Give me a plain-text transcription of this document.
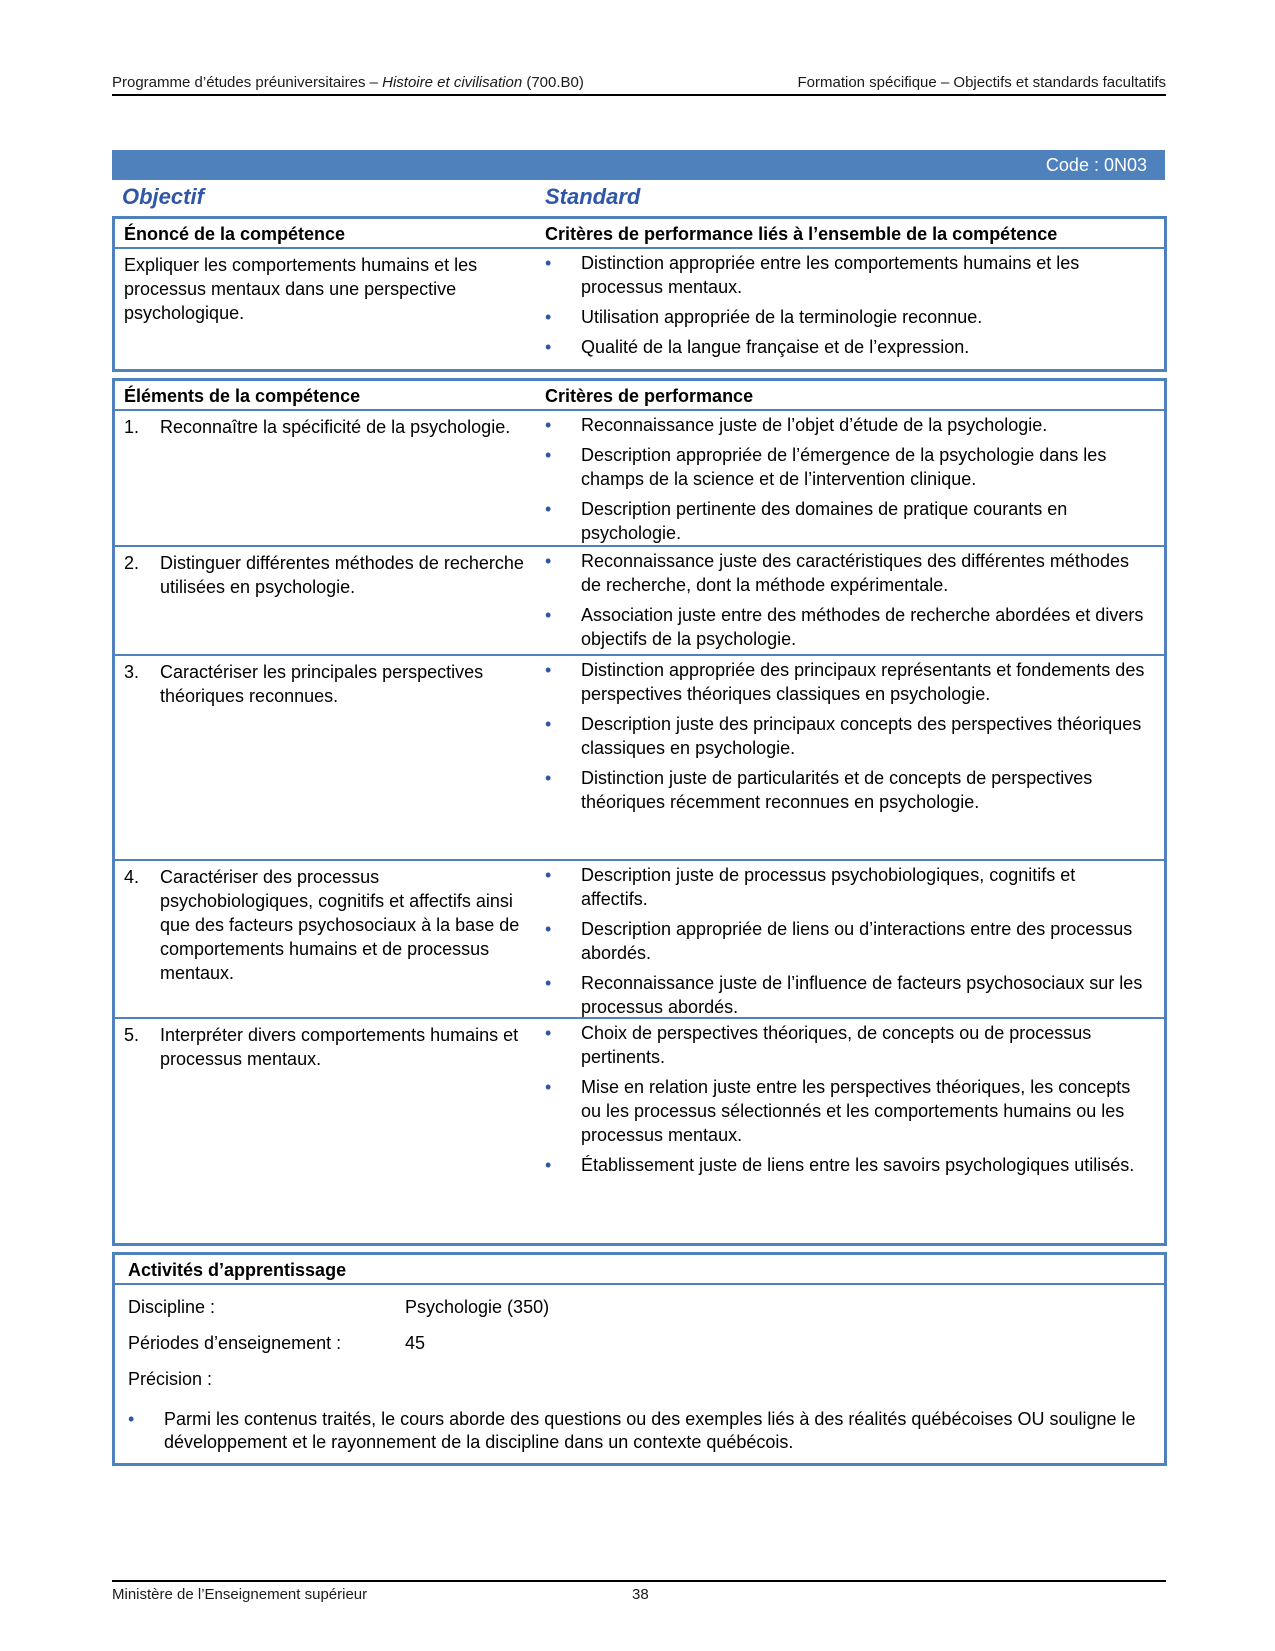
Programme d’études préuniversitaires – Histoire et civilisation (700.B0)	Formation spécifique – Objectifs et standards facultatifs
Code : 0N03
Objectif	Standard
Énoncé de la compétence	Critères de performance liés à l’ensemble de la compétence
Expliquer les comportements humains et les processus mentaux dans une perspective psychologique.
• Distinction appropriée entre les comportements humains et les processus mentaux.
• Utilisation appropriée de la terminologie reconnue.
• Qualité de la langue française et de l’expression.
Éléments de la compétence	Critères de performance
1.	Reconnaître la spécificité de la psychologie.
•	Reconnaissance juste de l’objet d’étude de la psychologie.
• Description appropriée de l’émergence de la psychologie dans les champs de la science et de l’intervention clinique.
• Description pertinente des domaines de pratique courants en psychologie.
2.	Distinguer différentes méthodes de recherche utilisées en psychologie.
• Reconnaissance juste des caractéristiques des différentes méthodes de recherche, dont la méthode expérimentale.
• Association juste entre des méthodes de recherche abordées et divers objectifs de la psychologie.
3.	Caractériser les principales perspectives théoriques reconnues.
• Distinction appropriée des principaux représentants et fondements des perspectives théoriques classiques en psychologie.
• Description juste des principaux concepts des perspectives théoriques classiques en psychologie.
• Distinction juste de particularités et de concepts de perspectives théoriques récemment reconnues en psychologie.
4.	Caractériser des processus psychobiologiques, cognitifs et affectifs ainsi que des facteurs psychosociaux à la base de comportements humains et de processus mentaux.
• Description juste de processus psychobiologiques, cognitifs et affectifs.
• Description appropriée de liens ou d’interactions entre des processus abordés.
• Reconnaissance juste de l’influence de facteurs psychosociaux sur les processus abordés.
5.	Interpréter divers comportements humains et processus mentaux.
• Choix de perspectives théoriques, de concepts ou de processus pertinents.
• Mise en relation juste entre les perspectives théoriques, les concepts ou les processus sélectionnés et les comportements humains ou les processus mentaux.
• Établissement juste de liens entre les savoirs psychologiques utilisés.
Activités d’apprentissage
Discipline :	Psychologie (350)
Périodes d’enseignement :	45
Précision :
•	Parmi les contenus traités, le cours aborde des questions ou des exemples liés à des réalités québécoises OU souligne le développement et le rayonnement de la discipline dans un contexte québécois.
Ministère de l’Enseignement supérieur	38
